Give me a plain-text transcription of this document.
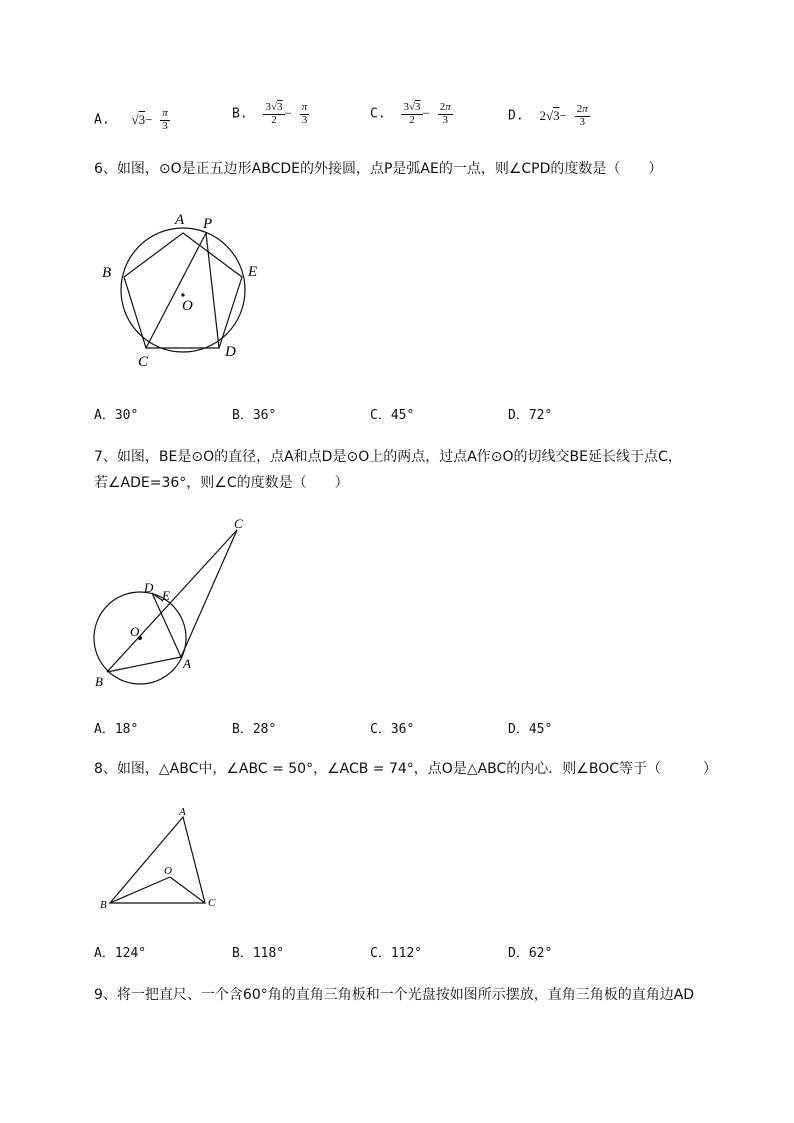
A. $√3- \frac{\pi}{3}$	B. $\frac{3√3}{2} - \frac{\pi}{3}$	C. $\frac{3√3}{2} - \frac{2\pi}{3}$	D. $2√3- \frac{2\pi}{3}$
6、如图，⊙O是正五边形ABCDE的外接圆，点P是弧AE的一点，则∠CPD的度数是（　　）
A P
B	E
O
C
D
A．30°	B．36°	C．45°	D．72°
7、如图，BE是⊙O的直径，点A和点D是⊙O上的两点，过点A作⊙O的切线交BE延长线于点C，
若∠ADE=36°，则∠C的度数是（　　）
C
D
E
O
B
A
A．18°	B．28°	C．36°	D．45°
8、如图，△ABC中，∠ABC = 50°，∠ACB = 74°，点O是△ABC的内心．则∠BOC等于（　　　）
A
O
B	C
A．124°	B．118°	C．112°	D．62°
9、将一把直尺、一个含60°角的直角三角板和一个光盘按如图所示摆放，直角三角板的直角边AD
